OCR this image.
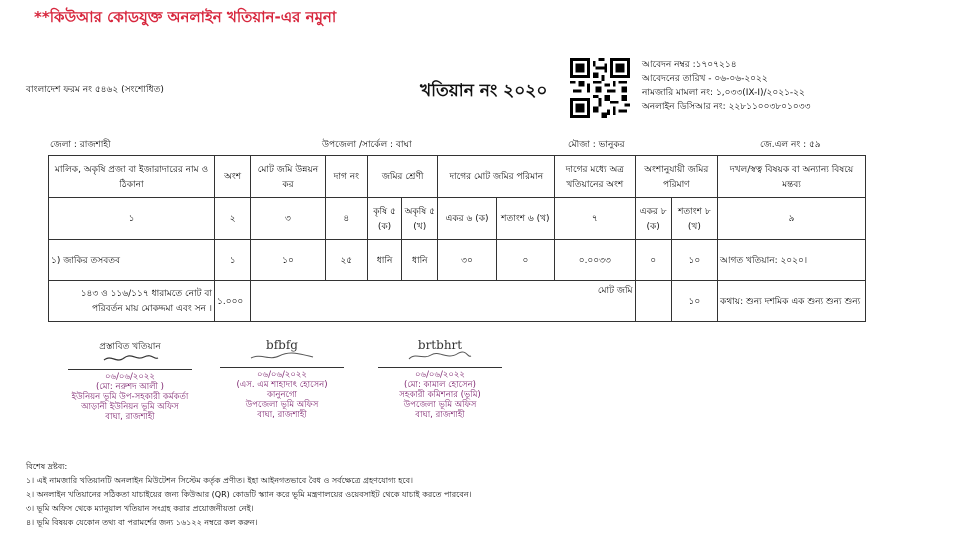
**কিউআর কোডযুক্ত অনলাইন খতিয়ান-এর নমুনা
বাংলাদেশ ফরম নং ৫৪৬২ (সংশোধিত)	খতিয়ান নং ২০২০
আবেদন নম্বর :১৭০৭২১৪
আবেদনের তারিখ - ০৬-০৬-২০২২
নামজারি মামলা নং: ১,০৩৩(IX-I)/২০২১-২২
অনলাইন ডিসিআর নং: ২২৮১১০০৩৮০১০৩৩
জেলা : রাজশাহী	উপজেলা /সার্কেল : বাঘা	মৌজা : ভানুকর	জে.এল নং : ৫৯
মালিক, অকৃষি প্রজা বা ইজারাদারের নাম ও ঠিকানা	অংশ	মোট জমি উন্নয়ন কর	দাগ নং	জমির শ্রেণী		দাগের মোট জমির পরিমান		দাগের মধ্যে অত্র খতিয়ানের অংশ	অংশানুযায়ী জমির পরিমাণ		দখল/স্বত্ব বিষয়ক বা অন্যান্য বিষয়ে মন্তব্য
১	২	৩	৪	কৃষি ৫ (ক)	অকৃষি ৫ (খ)	একর ৬ (ক)	শতাংশ ৬ (খ)	৭	একর ৮ (ক)	শতাংশ ৮ (খ)	৯
১) জাকির তসবতব	১	১০	২৫	ধানি	ধানি	৩০	০	০.০০৩৩	০	১০	আগত খতিয়ান: ২০২০।
১৪৩ ও ১১৬/১১৭ ধারামতে নোট বা পরিবর্তন মায় মোকদ্দমা এবং সন ।	১.০০০	মোট জমি								১০	কথায়: শুন্য দশমিক এক শুন্য শুন্য শুন্য
প্রস্তাবিত খতিয়ান
০৬/০৬/২০২২
(মো: নরুশদ আলী )
ইউনিয়ন ভূমি উপ-সহকারী কর্মকর্তা
আড়ানী ইউনিয়ন ভূমি অফিস
বাঘা, রাজশাহী
bfbfg
০৬/০৬/২০২২
(এস. এম শাহাদাৎ হোসেন)
কানুনগো
উপজেলা ভূমি অফিস
বাঘা, রাজশাহী
brtbhrt
০৬/০৬/২০২২
(মো: কামাল হোসেন)
সহকারী কমিশনার (ভূমি)
উপজেলা ভূমি অফিস
বাঘা, রাজশাহী
বিশেষ দ্রষ্টব্য:
১। এই নামজারি খতিয়ানটি অনলাইন মিউটেশন সিস্টেম কর্তৃক প্রণীত। ইহা আইনগতভাবে বৈধ ও সর্বক্ষেত্রে গ্রহণযোগ্য হবে।
২। অনলাইন খতিয়ানের সঠিকতা যাচাইয়ের জন্য কিউআর (QR) কোডটি স্ক্যান করে ভূমি মন্ত্রণালয়ের ওয়েবসাইট থেকে যাচাই করতে পারবেন।
৩। ভূমি অফিস থেকে ম্যানুয়াল খতিয়ান সংগ্রহ করার প্রয়োজনীয়তা নেই।
৪। ভূমি বিষয়ক যেকোন তথ্য বা পরামর্শের জন্য ১৬১২২ নম্বরে কল করুন।
